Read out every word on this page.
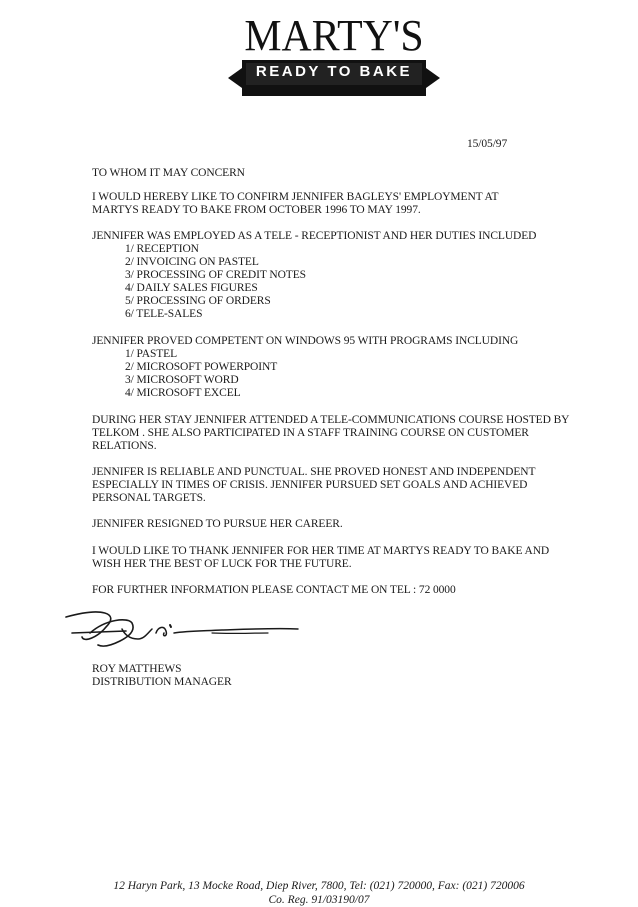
MARTY'S
READY TO BAKE
15/05/97
TO WHOM IT MAY CONCERN
I WOULD HEREBY LIKE TO CONFIRM JENNIFER BAGLEYS' EMPLOYMENT AT
MARTYS READY TO BAKE FROM OCTOBER 1996 TO MAY 1997.
JENNIFER WAS EMPLOYED AS A TELE - RECEPTIONIST AND HER DUTIES INCLUDED
1/ RECEPTION
2/ INVOICING ON PASTEL
3/ PROCESSING OF CREDIT NOTES
4/ DAILY SALES FIGURES
5/ PROCESSING OF ORDERS
6/ TELE-SALES
JENNIFER PROVED COMPETENT ON WINDOWS 95 WITH PROGRAMS INCLUDING
1/ PASTEL
2/ MICROSOFT POWERPOINT
3/ MICROSOFT WORD
4/ MICROSOFT EXCEL
DURING HER STAY JENNIFER ATTENDED A TELE-COMMUNICATIONS COURSE HOSTED BY
TELKOM . SHE ALSO PARTICIPATED IN A STAFF TRAINING COURSE ON CUSTOMER
RELATIONS.
JENNIFER IS RELIABLE AND PUNCTUAL. SHE PROVED HONEST AND INDEPENDENT
ESPECIALLY IN TIMES OF CRISIS. JENNIFER PURSUED SET GOALS AND ACHIEVED
PERSONAL TARGETS.
JENNIFER RESIGNED TO PURSUE HER CAREER.
I WOULD LIKE TO THANK JENNIFER FOR HER TIME AT MARTYS READY TO BAKE AND
WISH HER THE BEST OF LUCK FOR THE FUTURE.
FOR FURTHER INFORMATION PLEASE CONTACT ME ON TEL : 72 0000
ROY MATTHEWS
DISTRIBUTION MANAGER
12 Haryn Park, 13 Mocke Road, Diep River, 7800, Tel: (021) 720000, Fax: (021) 720006
Co. Reg. 91/03190/07
